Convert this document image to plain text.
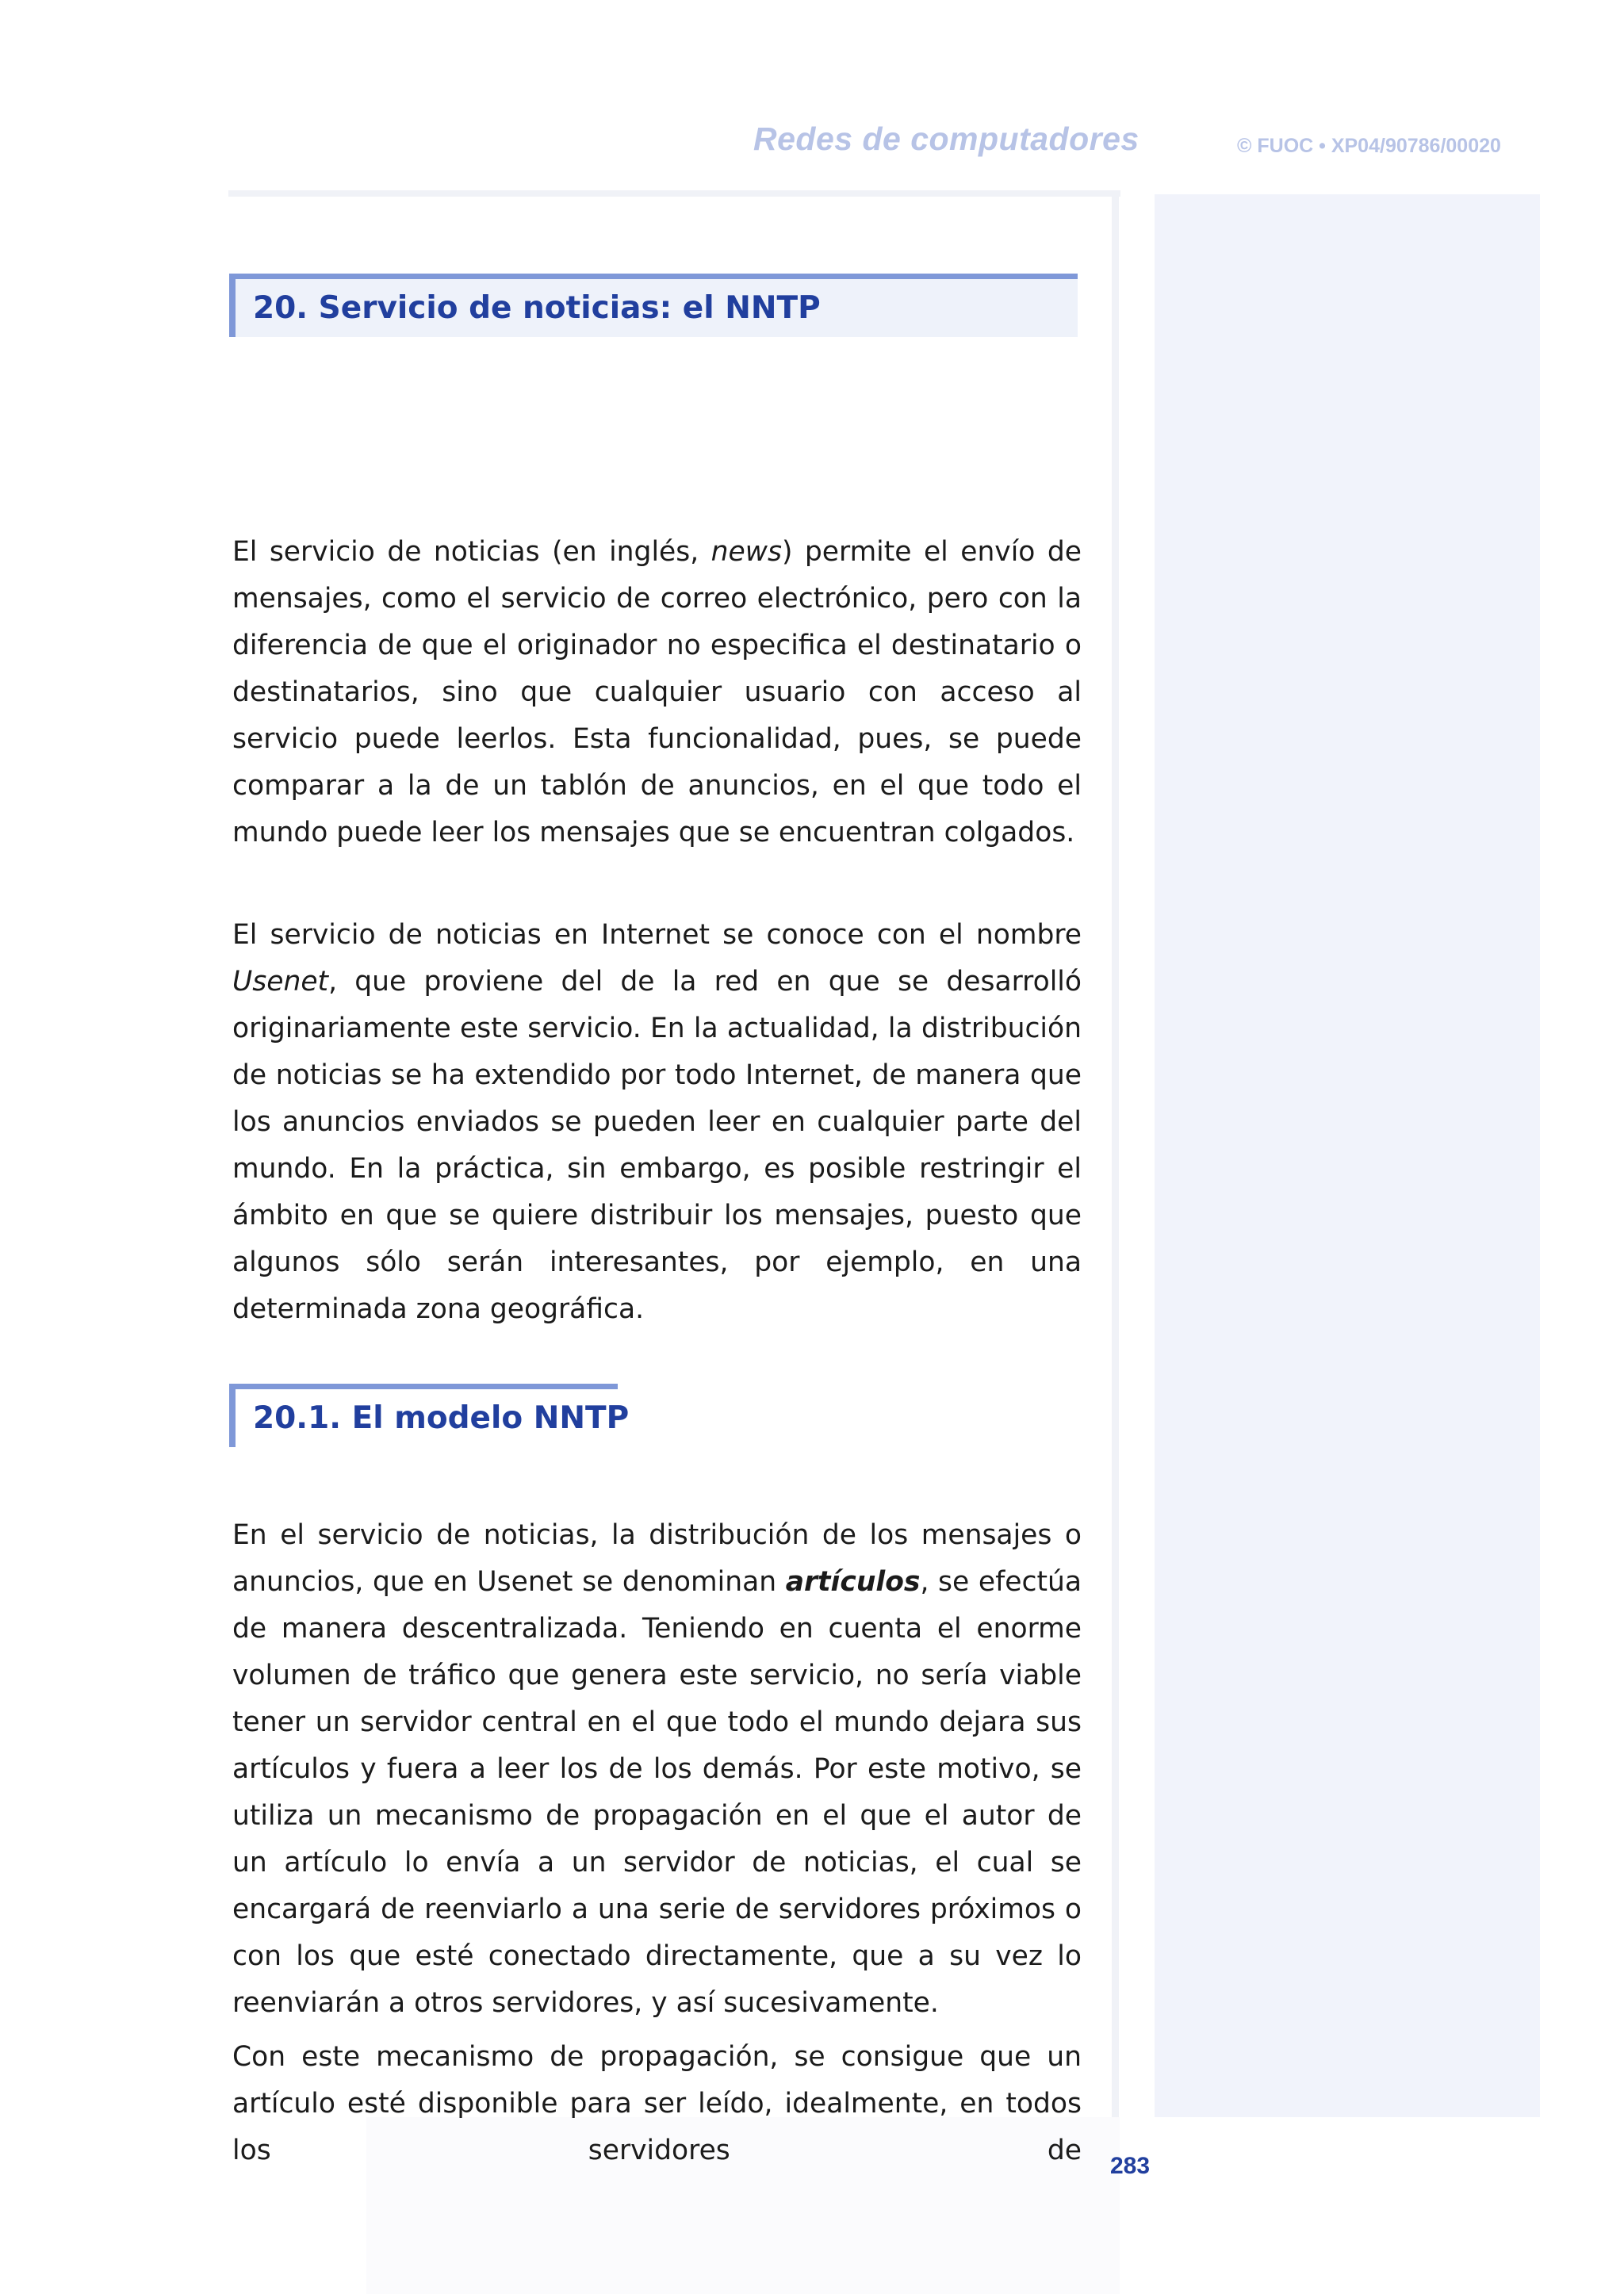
Redes de computadores	© FUOC • XP04/90786/00020
ANOTACIONES
20. Servicio de noticias: el NNTP

El servicio de noticias (en inglés, news) permite el envío de mensajes, como el servicio de correo electrónico, pero con la diferencia de que el originador no especifica el destinatario o destinatarios, sino que cualquier usuario con acceso al servicio puede leerlos. Esta funcionalidad, pues, se puede comparar a la de un tablón de anuncios, en el que todo el mundo puede leer los mensajes que se encuentran colgados.

El servicio de noticias en Internet se conoce con el nombre Usenet, que proviene del de la red en que se desarrolló originariamente este servicio. En la actualidad, la distribución de noticias se ha extendido por todo Internet, de manera que los anuncios enviados se pueden leer en cualquier parte del mundo. En la práctica, sin embargo, es posible restringir el ámbito en que se quiere distribuir los mensajes, puesto que algunos sólo serán interesantes, por ejemplo, en una determinada zona geográfica.

20.1. El modelo NNTP

En el servicio de noticias, la distribución de los mensajes o anuncios, que en Usenet se denominan artículos, se efectúa de manera descentralizada. Teniendo en cuenta el enorme volumen de tráfico que genera este servicio, no sería viable tener un servidor central en el que todo el mundo dejara sus artículos y fuera a leer los de los demás. Por este motivo, se utiliza un mecanismo de propagación en el que el autor de un artículo lo envía a un servidor de noticias, el cual se encargará de reenviarlo a una serie de servidores próximos o con los que esté conectado directamente, que a su vez lo reenviarán a otros servidores, y así sucesivamente.

Con este mecanismo de propagación, se consigue que un artículo esté disponible para ser leído, idealmente, en todos los servidores de 283
